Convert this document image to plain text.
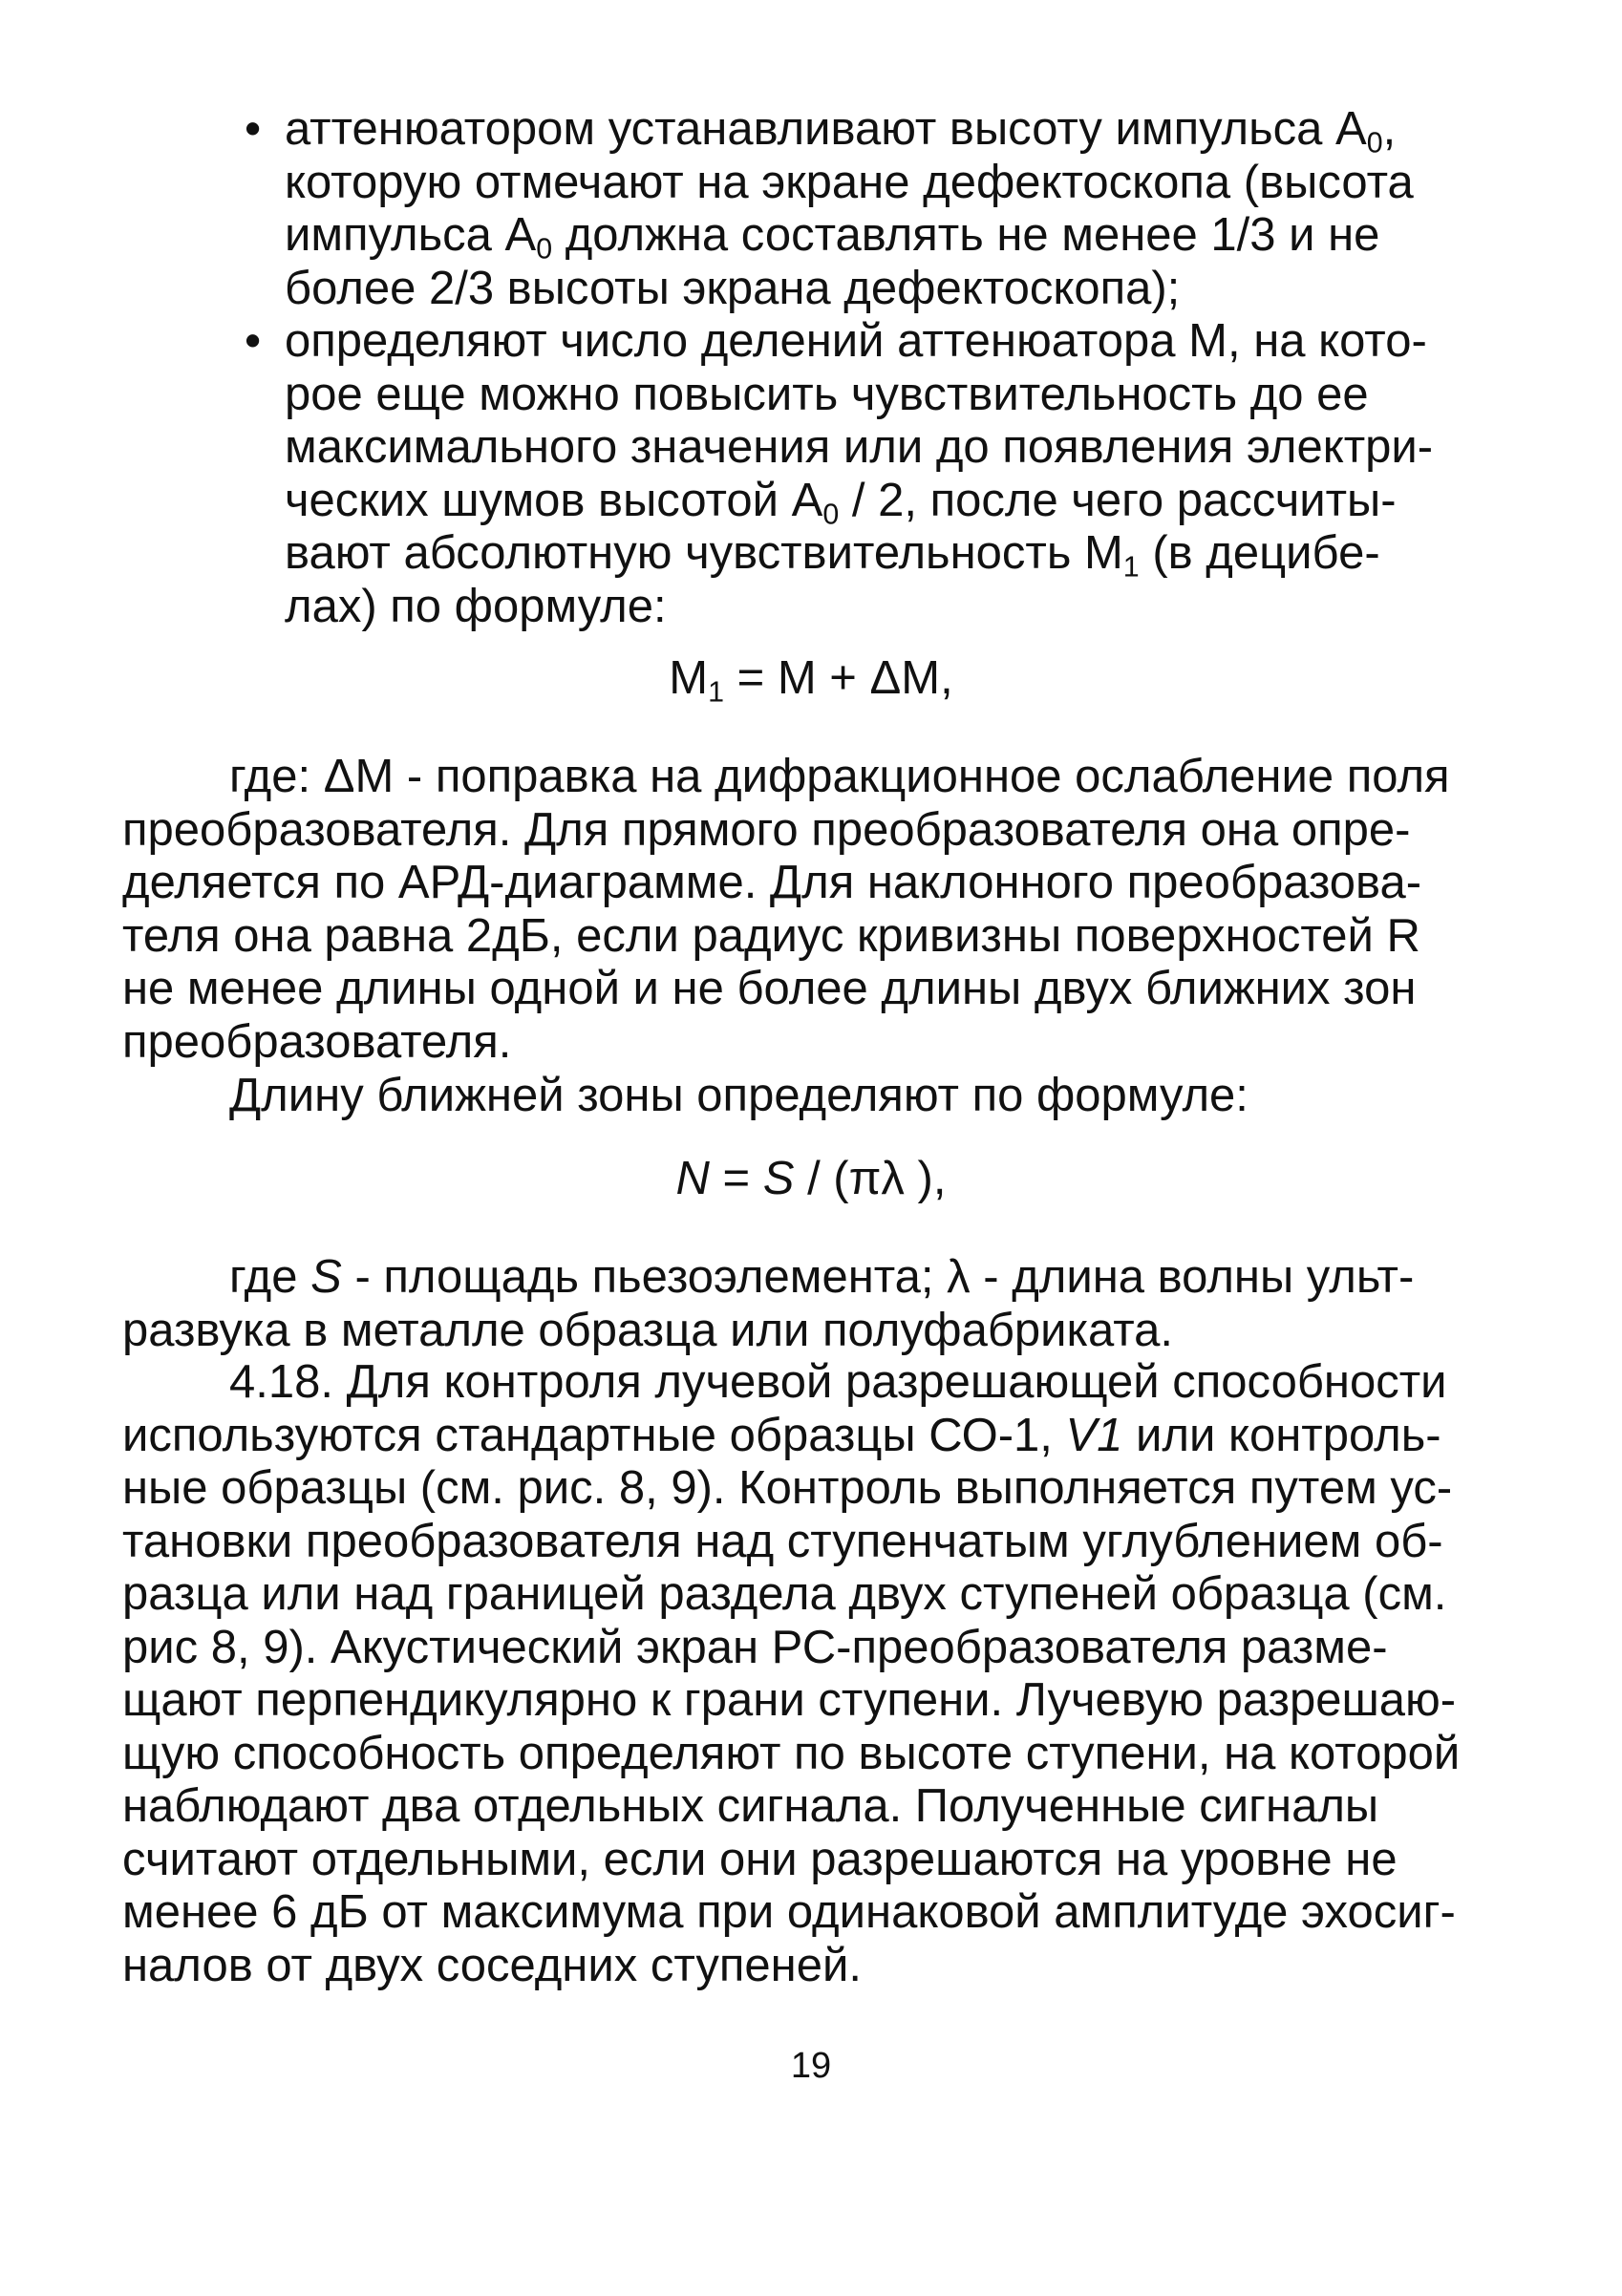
• аттенюатором устанавливают высоту импульса $А_0$,
которую отмечают на экране дефектоскопа (высота
импульса $А_0$ должна составлять не менее 1/3 и не
более 2/3 высоты экрана дефектоскопа);
• определяют число делений аттенюатора М, на кото-
рое еще можно повысить чувствительность до ее
максимального значения или до появления электри-
ческих шумов высотой $А_0 / 2$, после чего рассчиты-
вают абсолютную чувствительность $М_1$ (в децибе-
лах) по формуле:
$М_1 = М + \Delta М$,
где: ΔМ - поправка на дифракционное ослабление поля
преобразователя. Для прямого преобразователя она опре-
деляется по АРД-диаграмме. Для наклонного преобразова-
теля она равна 2дБ, если радиус кривизны поверхностей R
не менее длины одной и не более длины двух ближних зон
преобразователя.
Длину ближней зоны определяют по формуле:
N = S / (πλ ),
где S - площадь пьезоэлемента; λ - длина волны ульт-
развука в металле образца или полуфабриката.
4.18. Для контроля лучевой разрешающей способности
используются стандартные образцы СО-1, V1 или контроль-
ные образцы (см. рис. 8, 9). Контроль выполняется путем ус-
тановки преобразователя над ступенчатым углублением об-
разца или над границей раздела двух ступеней образца (см.
рис 8, 9). Акустический экран РС-преобразователя разме-
щают перпендикулярно к грани ступени. Лучевую разрешаю-
щую способность определяют по высоте ступени, на которой
наблюдают два отдельных сигнала. Полученные сигналы
считают отдельными, если они разрешаются на уровне не
менее 6 дБ от максимума при одинаковой амплитуде эхосиг-
налов от двух соседних ступеней.
19
